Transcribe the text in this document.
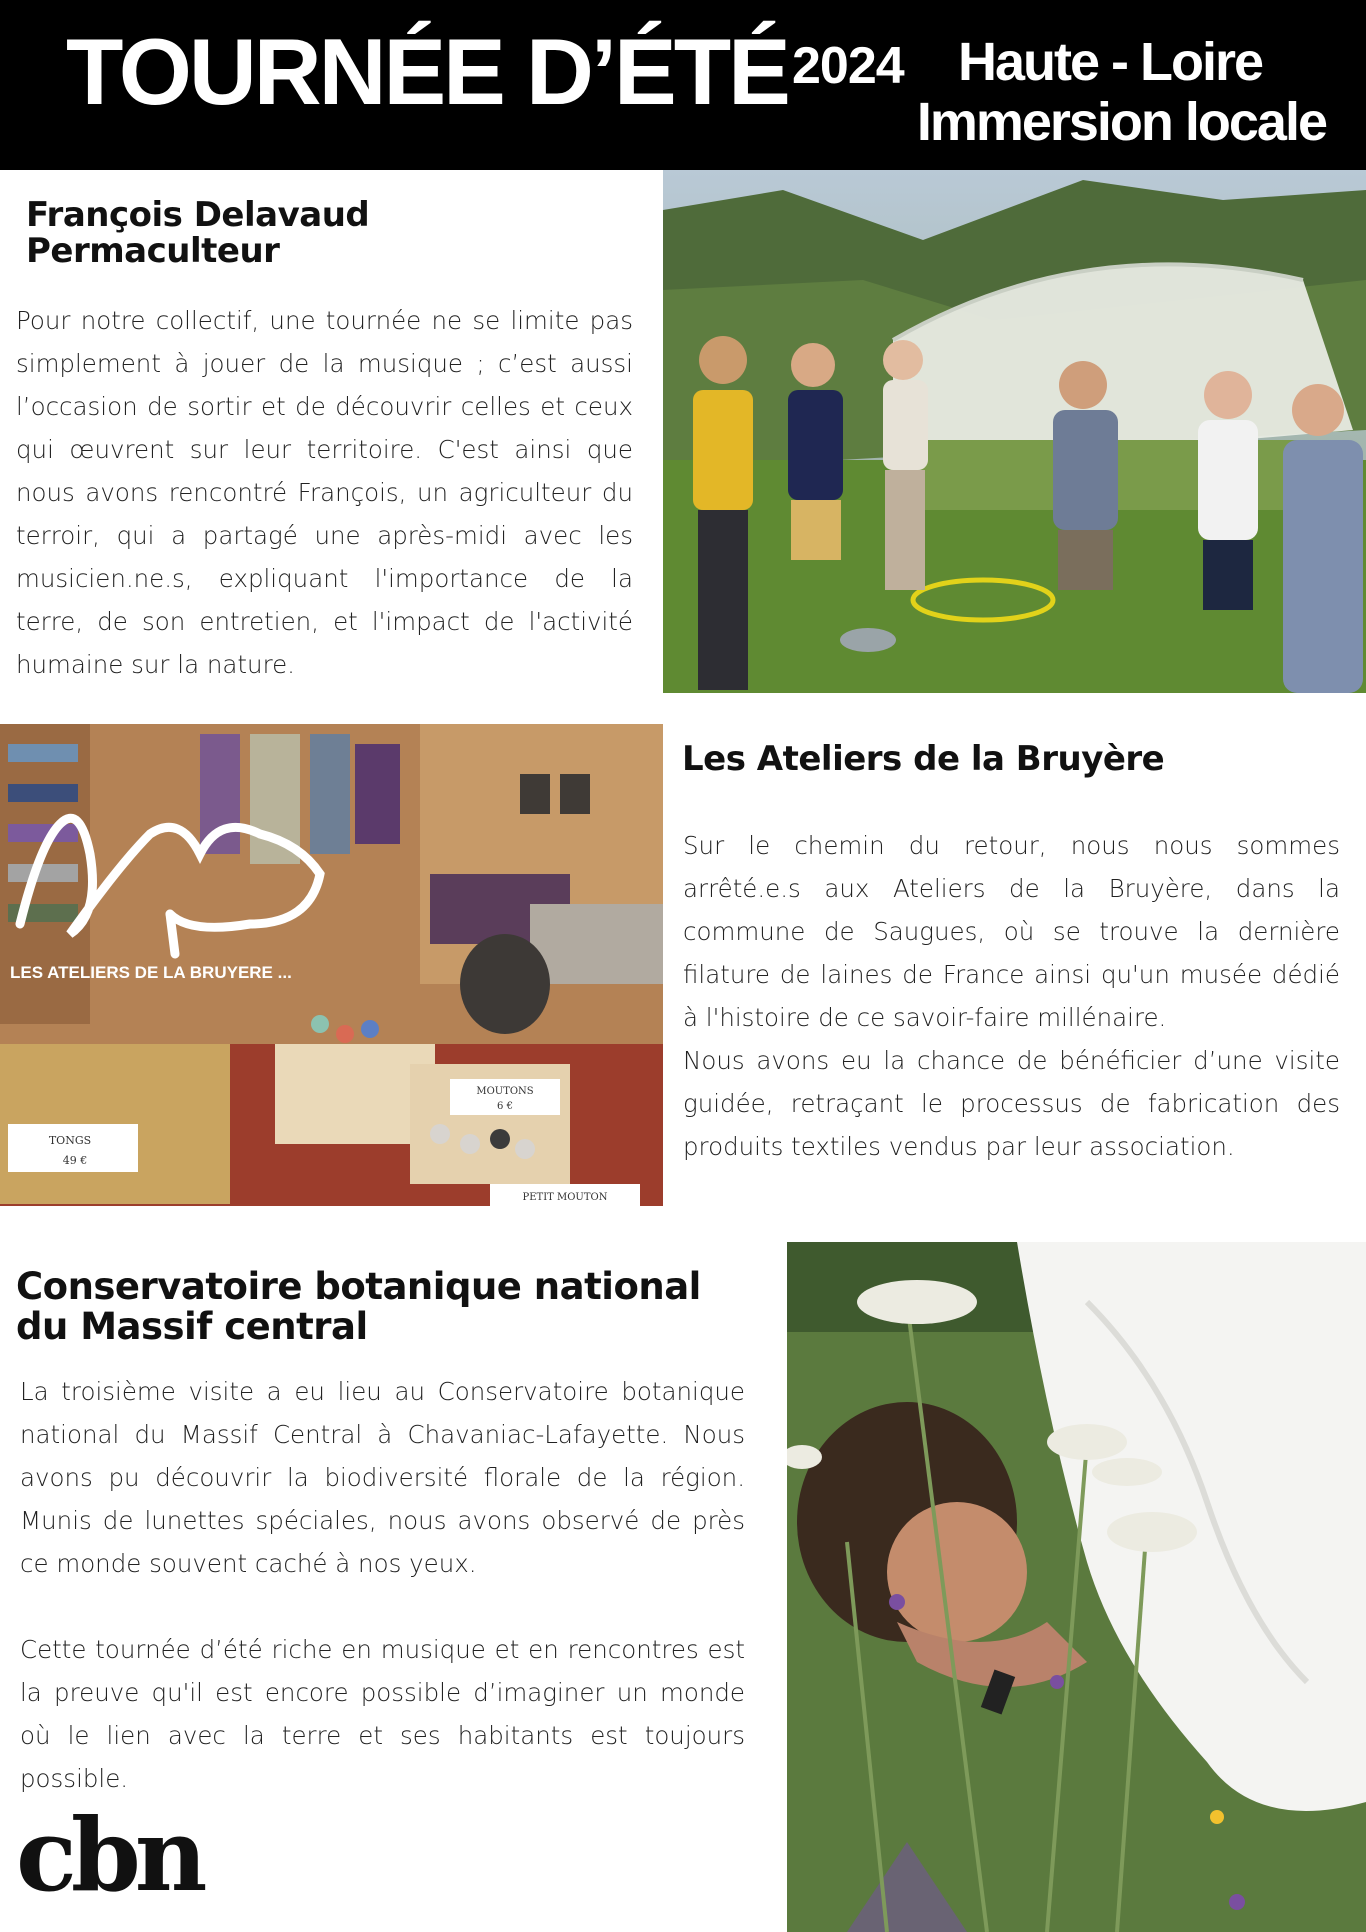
TOURNÉE D’ÉTÉ 2024 Haute - Loire
Immersion locale
François Delavaud
Permaculteur

Pour notre collectif, une tournée ne se limite pas simplement à jouer de la musique ; c’est aussi l’occasion de sortir et de découvrir celles et ceux qui œuvrent sur leur territoire. C'est ainsi que nous avons rencontré François, un agriculteur du terroir, qui a partagé une après-midi avec les musicien.ne.s, expliquant l'importance de la terre, de son entretien, et l'impact de l'activité humaine sur la nature.

TONGS
49 €
MOUTONS
6 €
PETIT MOUTON
LES ATELIERS DE LA BRUYERE ...
Les Ateliers de la Bruyère

Sur le chemin du retour, nous nous sommes arrêté.e.s aux Ateliers de la Bruyère, dans la commune de Saugues, où se trouve la dernière filature de laines de France ainsi qu'un musée dédié à l'histoire de ce savoir-faire millénaire.

Nous avons eu la chance de bénéficier d’une visite guidée, retraçant le processus de fabrication des produits textiles vendus par leur association.

Conservatoire botanique national
du Massif central

La troisième visite a eu lieu au Conservatoire botanique national du Massif Central à Chavaniac-Lafayette. Nous avons pu découvrir la biodiversité florale de la région. Munis de lunettes spéciales, nous avons observé de près ce monde souvent caché à nos yeux.

Cette tournée d’été riche en musique et en rencontres est la preuve qu'il est encore possible d’imaginer un monde où le lien avec la terre et ses habitants est toujours possible.

cbn
